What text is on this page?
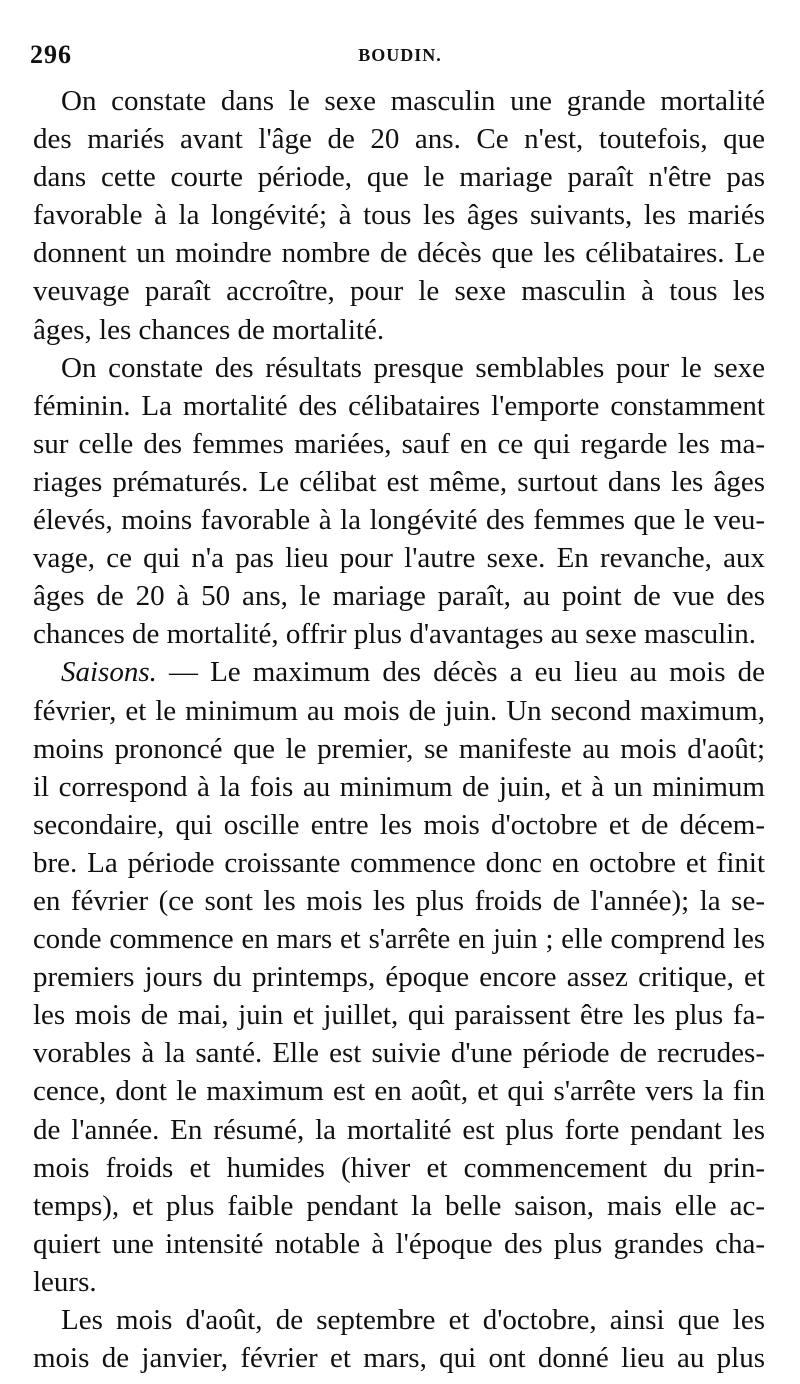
296	BOUDIN.
On constate dans le sexe masculin une grande mortalité
des mariés avant l'âge de 20 ans. Ce n'est, toutefois, que
dans cette courte période, que le mariage paraît n'être pas
favorable à la longévité; à tous les âges suivants, les mariés
donnent un moindre nombre de décès que les célibataires. Le
veuvage paraît accroître, pour le sexe masculin à tous les
âges, les chances de mortalité.
On constate des résultats presque semblables pour le sexe
féminin. La mortalité des célibataires l'emporte constamment
sur celle des femmes mariées, sauf en ce qui regarde les ma-
riages prématurés. Le célibat est même, surtout dans les âges
élevés, moins favorable à la longévité des femmes que le veu-
vage, ce qui n'a pas lieu pour l'autre sexe. En revanche, aux
âges de 20 à 50 ans, le mariage paraît, au point de vue des
chances de mortalité, offrir plus d'avantages au sexe masculin.
Saisons. — Le maximum des décès a eu lieu au mois de
février, et le minimum au mois de juin. Un second maximum,
moins prononcé que le premier, se manifeste au mois d'août;
il correspond à la fois au minimum de juin, et à un minimum
secondaire, qui oscille entre les mois d'octobre et de décem-
bre. La période croissante commence donc en octobre et finit
en février (ce sont les mois les plus froids de l'année); la se-
conde commence en mars et s'arrête en juin ; elle comprend les
premiers jours du printemps, époque encore assez critique, et
les mois de mai, juin et juillet, qui paraissent être les plus fa-
vorables à la santé. Elle est suivie d'une période de recrudes-
cence, dont le maximum est en août, et qui s'arrête vers la fin
de l'année. En résumé, la mortalité est plus forte pendant les
mois froids et humides (hiver et commencement du prin-
temps), et plus faible pendant la belle saison, mais elle ac-
quiert une intensité notable à l'époque des plus grandes cha-
leurs.
Les mois d'août, de septembre et d'octobre, ainsi que les
mois de janvier, février et mars, qui ont donné lieu au plus
